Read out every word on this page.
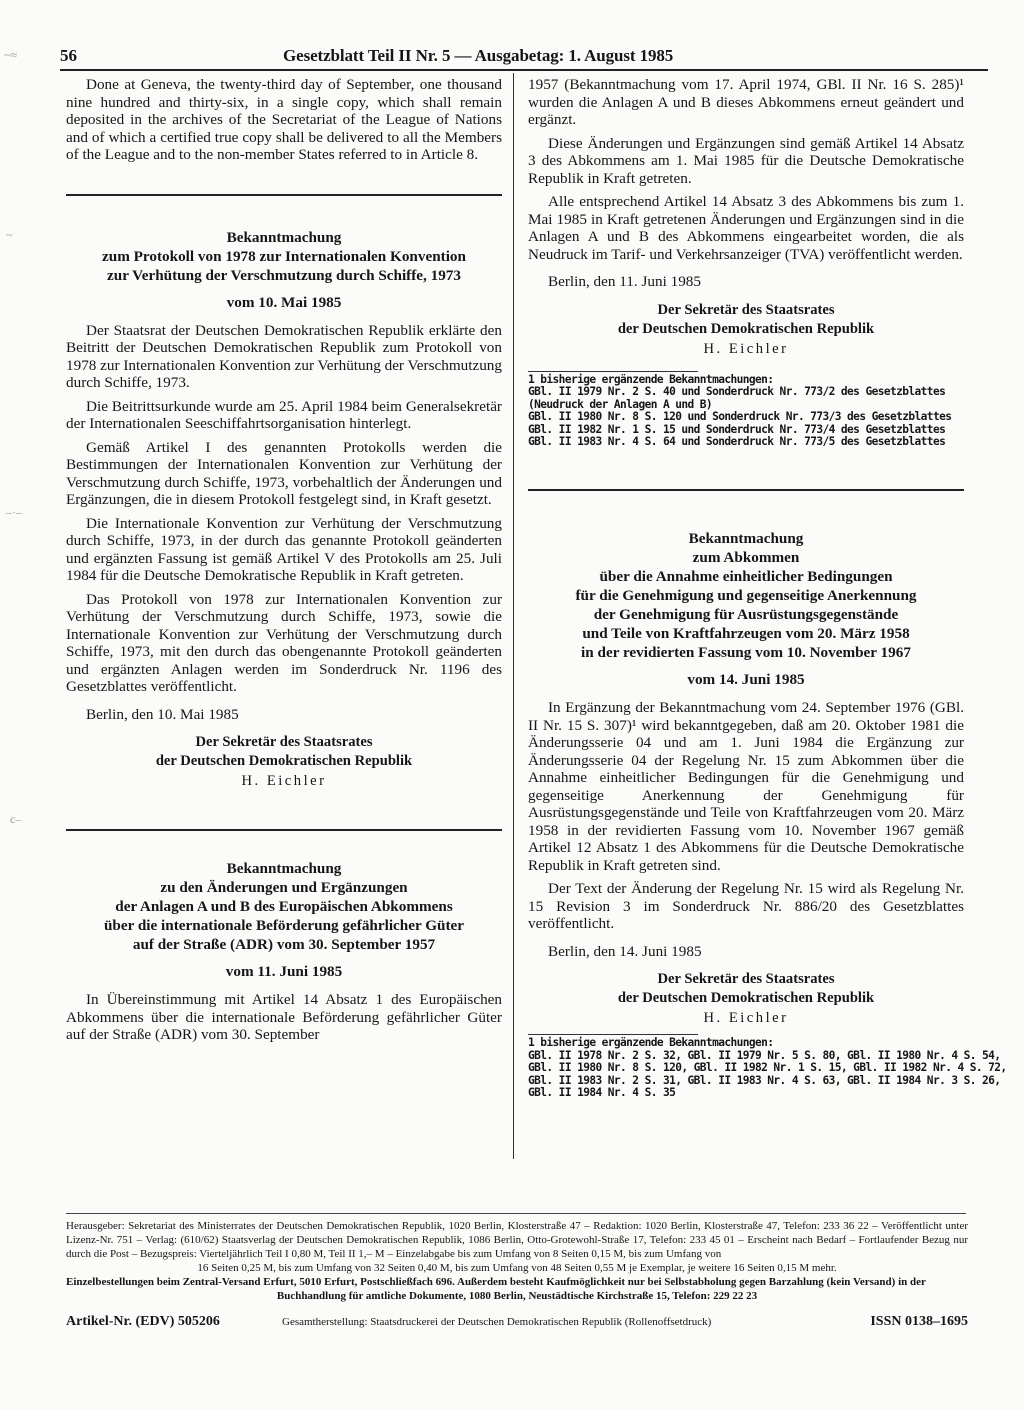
56	Gesetzblatt Teil II Nr. 5 — Ausgabetag: 1. August 1985
~≈
~
–·–
c–

Done at Geneva, the twenty-third day of September, one thousand nine hundred and thirty-six, in a single copy, which shall remain deposited in the archives of the Secretariat of the League of Nations and of which a certified true copy shall be delivered to all the Members of the League and to the non-member States referred to in Article 8.

Bekanntmachung
zum Protokoll von 1978 zur Internationalen Konvention
zur Verhütung der Verschmutzung durch Schiffe, 1973
vom 10. Mai 1985

Der Staatsrat der Deutschen Demokratischen Republik erklärte den Beitritt der Deutschen Demokratischen Republik zum Protokoll von 1978 zur Internationalen Konvention zur Verhütung der Verschmutzung durch Schiffe, 1973.

Die Beitrittsurkunde wurde am 25. April 1984 beim Generalsekretär der Internationalen Seeschiffahrtsorganisation hinterlegt.

Gemäß Artikel I des genannten Protokolls werden die Bestimmungen der Internationalen Konvention zur Verhütung der Verschmutzung durch Schiffe, 1973, vorbehaltlich der Änderungen und Ergänzungen, die in diesem Protokoll festgelegt sind, in Kraft gesetzt.

Die Internationale Konvention zur Verhütung der Verschmutzung durch Schiffe, 1973, in der durch das genannte Protokoll geänderten und ergänzten Fassung ist gemäß Artikel V des Protokolls am 25. Juli 1984 für die Deutsche Demokratische Republik in Kraft getreten.

Das Protokoll von 1978 zur Internationalen Konvention zur Verhütung der Verschmutzung durch Schiffe, 1973, sowie die Internationale Konvention zur Verhütung der Verschmutzung durch Schiffe, 1973, mit den durch das obengenannte Protokoll geänderten und ergänzten Anlagen werden im Sonderdruck Nr. 1196 des Gesetzblattes veröffentlicht.

Berlin, den 10. Mai 1985
Der Sekretär des Staatsrates
der Deutschen Demokratischen Republik
H. Eichler
Bekanntmachung
zu den Änderungen und Ergänzungen
der Anlagen A und B des Europäischen Abkommens
über die internationale Beförderung gefährlicher Güter
auf der Straße (ADR) vom 30. September 1957
vom 11. Juni 1985

In Übereinstimmung mit Artikel 14 Absatz 1 des Europäischen Abkommens über die internationale Beförderung gefährlicher Güter auf der Straße (ADR) vom 30. September

1957 (Bekanntmachung vom 17. April 1974, GBl. II Nr. 16 S. 285)¹ wurden die Anlagen A und B dieses Abkommens erneut geändert und ergänzt.

Diese Änderungen und Ergänzungen sind gemäß Artikel 14 Absatz 3 des Abkommens am 1. Mai 1985 für die Deutsche Demokratische Republik in Kraft getreten.

Alle entsprechend Artikel 14 Absatz 3 des Abkommens bis zum 1. Mai 1985 in Kraft getretenen Änderungen und Ergänzungen sind in die Anlagen A und B des Abkommens eingearbeitet worden, die als Neudruck im Tarif- und Verkehrsanzeiger (TVA) veröffentlicht werden.

Berlin, den 11. Juni 1985
Der Sekretär des Staatsrates
der Deutschen Demokratischen Republik
H. Eichler
1 bisherige ergänzende Bekanntmachungen:
GBl. II 1979 Nr. 2 S. 40 und Sonderdruck Nr. 773/2 des Gesetzblattes
(Neudruck der Anlagen A und B)
GBl. II 1980 Nr. 8 S. 120 und Sonderdruck Nr. 773/3 des Gesetzblattes
GBl. II 1982 Nr. 1 S. 15 und Sonderdruck Nr. 773/4 des Gesetzblattes
GBl. II 1983 Nr. 4 S. 64 und Sonderdruck Nr. 773/5 des Gesetzblattes
Bekanntmachung
zum Abkommen
über die Annahme einheitlicher Bedingungen
für die Genehmigung und gegenseitige Anerkennung
der Genehmigung für Ausrüstungsgegenstände
und Teile von Kraftfahrzeugen vom 20. März 1958
in der revidierten Fassung vom 10. November 1967
vom 14. Juni 1985

In Ergänzung der Bekanntmachung vom 24. September 1976 (GBl. II Nr. 15 S. 307)¹ wird bekanntgegeben, daß am 20. Oktober 1981 die Änderungsserie 04 und am 1. Juni 1984 die Ergänzung zur Änderungsserie 04 der Regelung Nr. 15 zum Abkommen über die Annahme einheitlicher Bedingungen für die Genehmigung und gegenseitige Anerkennung der Genehmigung für Ausrüstungsgegenstände und Teile von Kraftfahrzeugen vom 20. März 1958 in der revidierten Fassung vom 10. November 1967 gemäß Artikel 12 Absatz 1 des Abkommens für die Deutsche Demokratische Republik in Kraft getreten sind.

Der Text der Änderung der Regelung Nr. 15 wird als Regelung Nr. 15 Revision 3 im Sonderdruck Nr. 886/20 des Gesetzblattes veröffentlicht.

Berlin, den 14. Juni 1985
Der Sekretär des Staatsrates
der Deutschen Demokratischen Republik
H. Eichler
1 bisherige ergänzende Bekanntmachungen:
GBl. II 1978 Nr. 2 S. 32, GBl. II 1979 Nr. 5 S. 80, GBl. II 1980 Nr. 4 S. 54,
GBl. II 1980 Nr. 8 S. 120, GBl. II 1982 Nr. 1 S. 15, GBl. II 1982 Nr. 4 S. 72,
GBl. II 1983 Nr. 2 S. 31, GBl. II 1983 Nr. 4 S. 63, GBl. II 1984 Nr. 3 S. 26,
GBl. II 1984 Nr. 4 S. 35
Herausgeber: Sekretariat des Ministerrates der Deutschen Demokratischen Republik, 1020 Berlin, Klosterstraße 47 – Redaktion: 1020 Berlin, Klosterstraße 47, Telefon: 233 36 22 – Veröffentlicht unter Lizenz-Nr. 751 – Verlag: (610/62) Staatsverlag der Deutschen Demokratischen Republik, 1086 Berlin, Otto-Grotewohl-Straße 17, Telefon: 233 45 01 – Erscheint nach Bedarf – Fortlaufender Bezug nur durch die Post – Bezugspreis: Vierteljährlich Teil I 0,80 M, Teil II 1,– M – Einzelabgabe bis zum Umfang von 8 Seiten 0,15 M, bis zum Umfang von
16 Seiten 0,25 M, bis zum Umfang von 32 Seiten 0,40 M, bis zum Umfang von 48 Seiten 0,55 M je Exemplar, je weitere 16 Seiten 0,15 M mehr.
Einzelbestellungen beim Zentral-Versand Erfurt, 5010 Erfurt, Postschließfach 696. Außerdem besteht Kaufmöglichkeit nur bei Selbstabholung gegen Barzahlung (kein Versand) in der
Buchhandlung für amtliche Dokumente, 1080 Berlin, Neustädtische Kirchstraße 15, Telefon: 229 22 23
Artikel-Nr. (EDV) 505206	Gesamtherstellung: Staatsdruckerei der Deutschen Demokratischen Republik (Rollenoffsetdruck)	ISSN 0138–1695
